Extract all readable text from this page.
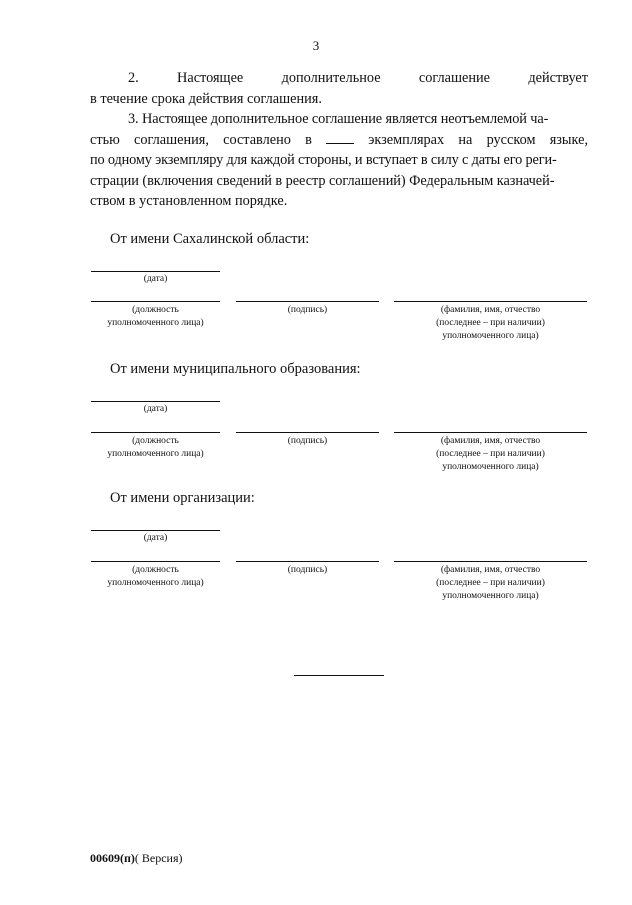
3
2.	Настоящее	дополнительное	соглашение	действует
в течение срока действия соглашения.
3. Настоящее дополнительное соглашение является неотъемлемой ча-
стью соглашения, составлено в	экземплярах на русском языке,
по одному экземпляру для каждой стороны, и вступает в силу с даты его реги-
страции (включения сведений в реестр соглашений) Федеральным казначей-
ством в установленном порядке.
От имени Сахалинской области:
(дата)
(должность
уполномоченного лица)
(подпись)	(фамилия, имя, отчество
(последнее – при наличии)
уполномоченного лица)
От имени муниципального образования:
(дата)
(должность
уполномоченного лица)
(подпись)	(фамилия, имя, отчество
(последнее – при наличии)
уполномоченного лица)
От имени организации:
(дата)
(должность
уполномоченного лица)
(подпись)	(фамилия, имя, отчество
(последнее – при наличии)
уполномоченного лица)
00609(п)( Версия)
